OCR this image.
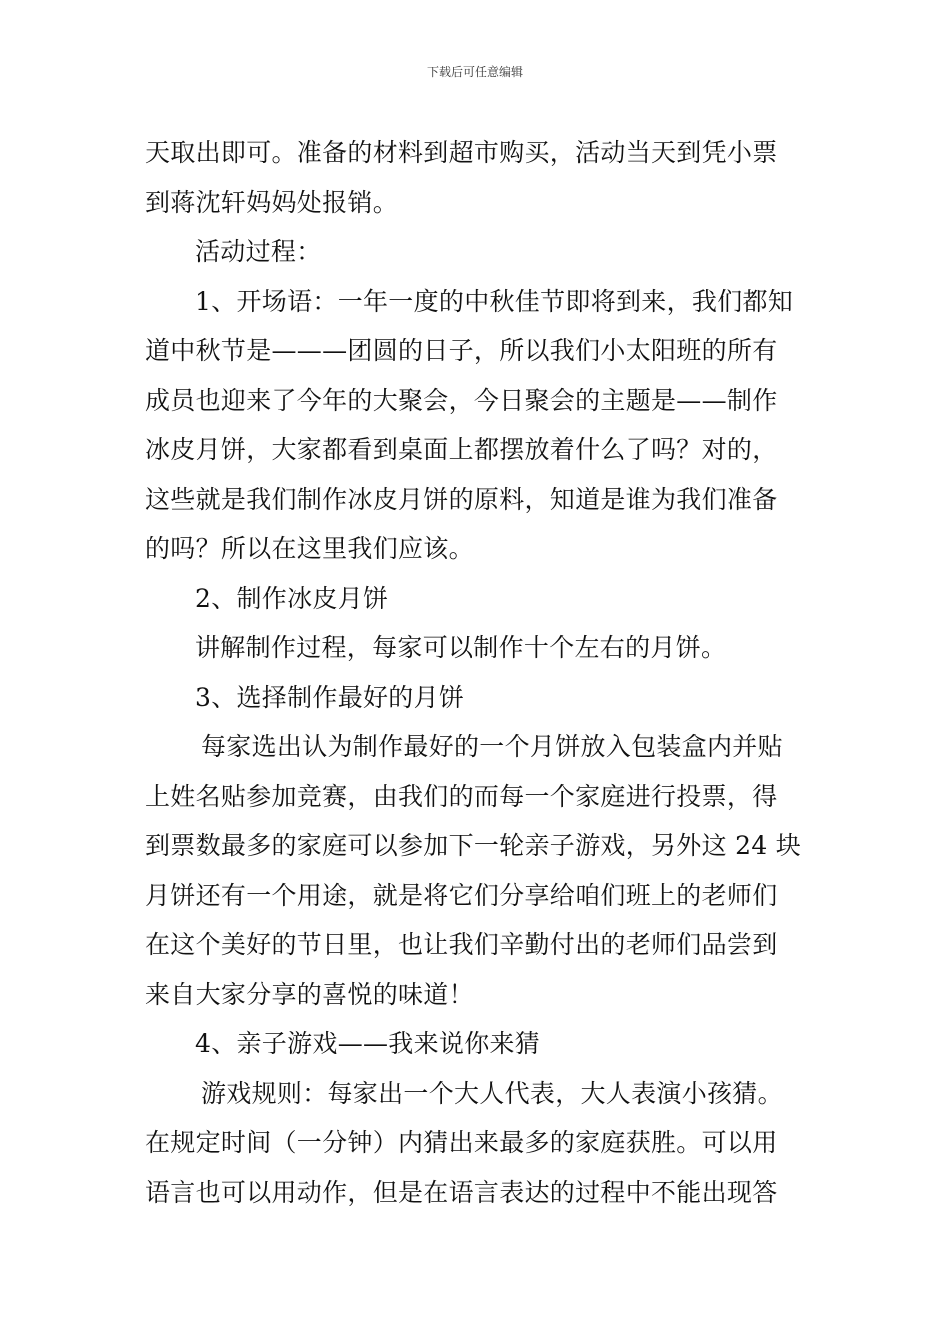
下载后可任意编辑
天取出即可。准备的材料到超市购买，活动当天到凭小票
到蒋沈轩妈妈处报销。
活动过程：
1、开场语：一年一度的中秋佳节即将到来，我们都知
道中秋节是———团圆的日子，所以我们小太阳班的所有
成员也迎来了今年的大聚会，今日聚会的主题是——制作
冰皮月饼，大家都看到桌面上都摆放着什么了吗？对的，
这些就是我们制作冰皮月饼的原料，知道是谁为我们准备
的吗？所以在这里我们应该。
2、制作冰皮月饼
讲解制作过程，每家可以制作十个左右的月饼。
3、选择制作最好的月饼
每家选出认为制作最好的一个月饼放入包装盒内并贴
上姓名贴参加竞赛，由我们的而每一个家庭进行投票，得
到票数最多的家庭可以参加下一轮亲子游戏，另外这 24 块
月饼还有一个用途，就是将它们分享给咱们班上的老师们
在这个美好的节日里，也让我们辛勤付出的老师们品尝到
来自大家分享的喜悦的味道！
4、亲子游戏——我来说你来猜
游戏规则：每家出一个大人代表，大人表演小孩猜。
在规定时间（一分钟）内猜出来最多的家庭获胜。可以用
语言也可以用动作，但是在语言表达的过程中不能出现答
